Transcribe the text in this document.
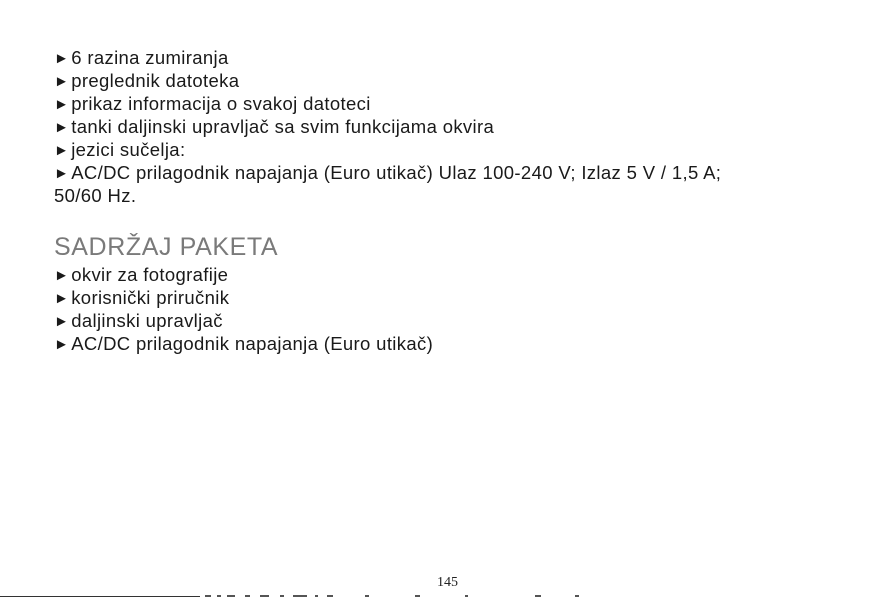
► 6 razina zumiranja
► preglednik datoteka
► prikaz informacija o svakoj datoteci
► tanki daljinski upravljač sa svim funkcijama okvira
► jezici sučelja:
► AC/DC prilagodnik napajanja (Euro utikač) Ulaz 100-240 V; Izlaz 5 V / 1,5 A;
50/60 Hz.
SADRŽAJ PAKETA
► okvir za fotografije
► korisnički priručnik
► daljinski upravljač
► AC/DC prilagodnik napajanja (Euro utikač)
145
